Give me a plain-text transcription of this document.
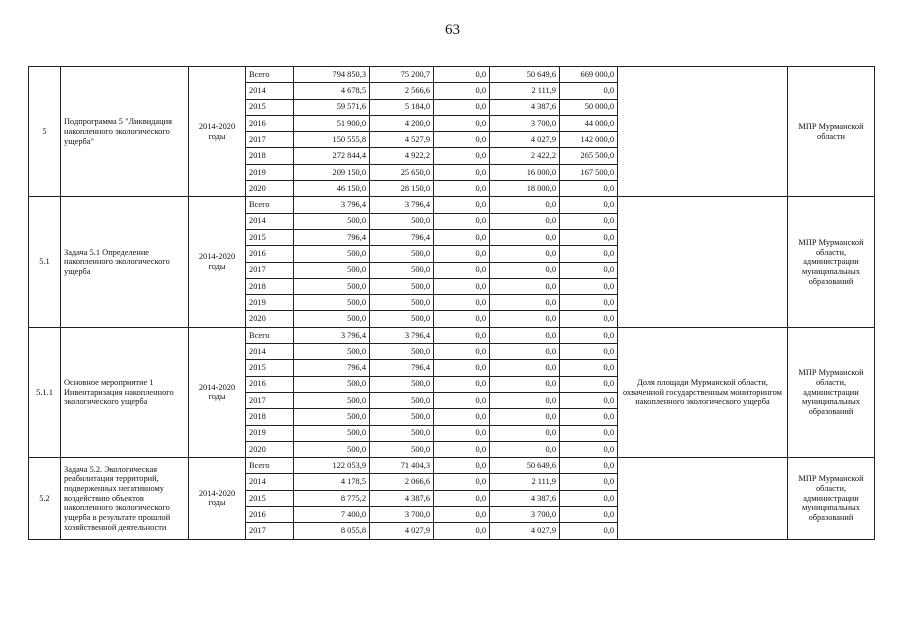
63
5	Подпрограмма 5 "Ликвидация накопленного экологического ущерба"	2014-2020 годы	Всего	794 850,3	75 200,7	0,0	50 649,6	669 000,0		МПР Мурманской области
			2014	4 678,5	2 566,6	0,0	2 111,9	0,0		
			2015	59 571,6	5 184,0	0,0	4 387,6	50 000,0		
			2016	51 900,0	4 200,0	0,0	3 700,0	44 000,0		
			2017	150 555,8	4 527,9	0,0	4 027,9	142 000,0		
			2018	272 844,4	4 922,2	0,0	2 422,2	265 500,0		
			2019	209 150,0	25 650,0	0,0	16 000,0	167 500,0		
			2020	46 150,0	28 150,0	0,0	18 000,0	0,0		
5.1	Задача 5.1 Определение накопленного экологического ущерба	2014-2020 годы	Всего	3 796,4	3 796,4	0,0	0,0	0,0		МПР Мурманской области, администрации муниципальных образований
			2014	500,0	500,0	0,0	0,0	0,0		
			2015	796,4	796,4	0,0	0,0	0,0		
			2016	500,0	500,0	0,0	0,0	0,0		
			2017	500,0	500,0	0,0	0,0	0,0		
			2018	500,0	500,0	0,0	0,0	0,0		
			2019	500,0	500,0	0,0	0,0	0,0		
			2020	500,0	500,0	0,0	0,0	0,0		
5.1.1	Основное мероприятие 1 Инвентаризация накопленного экологического ущерба	2014-2020 годы	Всего	3 796,4	3 796,4	0,0	0,0	0,0	Доля площади Мурманской области, охваченной государственным мониторингом накопленного экологического ущерба	МПР Мурманской области, администрации муниципальных образований
			2014	500,0	500,0	0,0	0,0	0,0		
			2015	796,4	796,4	0,0	0,0	0,0		
			2016	500,0	500,0	0,0	0,0	0,0		
			2017	500,0	500,0	0,0	0,0	0,0		
			2018	500,0	500,0	0,0	0,0	0,0		
			2019	500,0	500,0	0,0	0,0	0,0		
			2020	500,0	500,0	0,0	0,0	0,0		
5.2	Задача 5.2. Экологическая реабилитация территорий, подверженных негативному воздействию объектов накопленного экологического ущерба в результате прошлой хозяйственной деятельности	2014-2020 годы	Всего	122 053,9	71 404,3	0,0	50 649,6	0,0		МПР Мурманской области, администрации муниципальных образований
			2014	4 178,5	2 066,6	0,0	2 111,9	0,0		
			2015	8 775,2	4 387,6	0,0	4 387,6	0,0		
			2016	7 400,0	3 700,0	0,0	3 700,0	0,0		
			2017	8 055,8	4 027,9	0,0	4 027,9	0,0		
